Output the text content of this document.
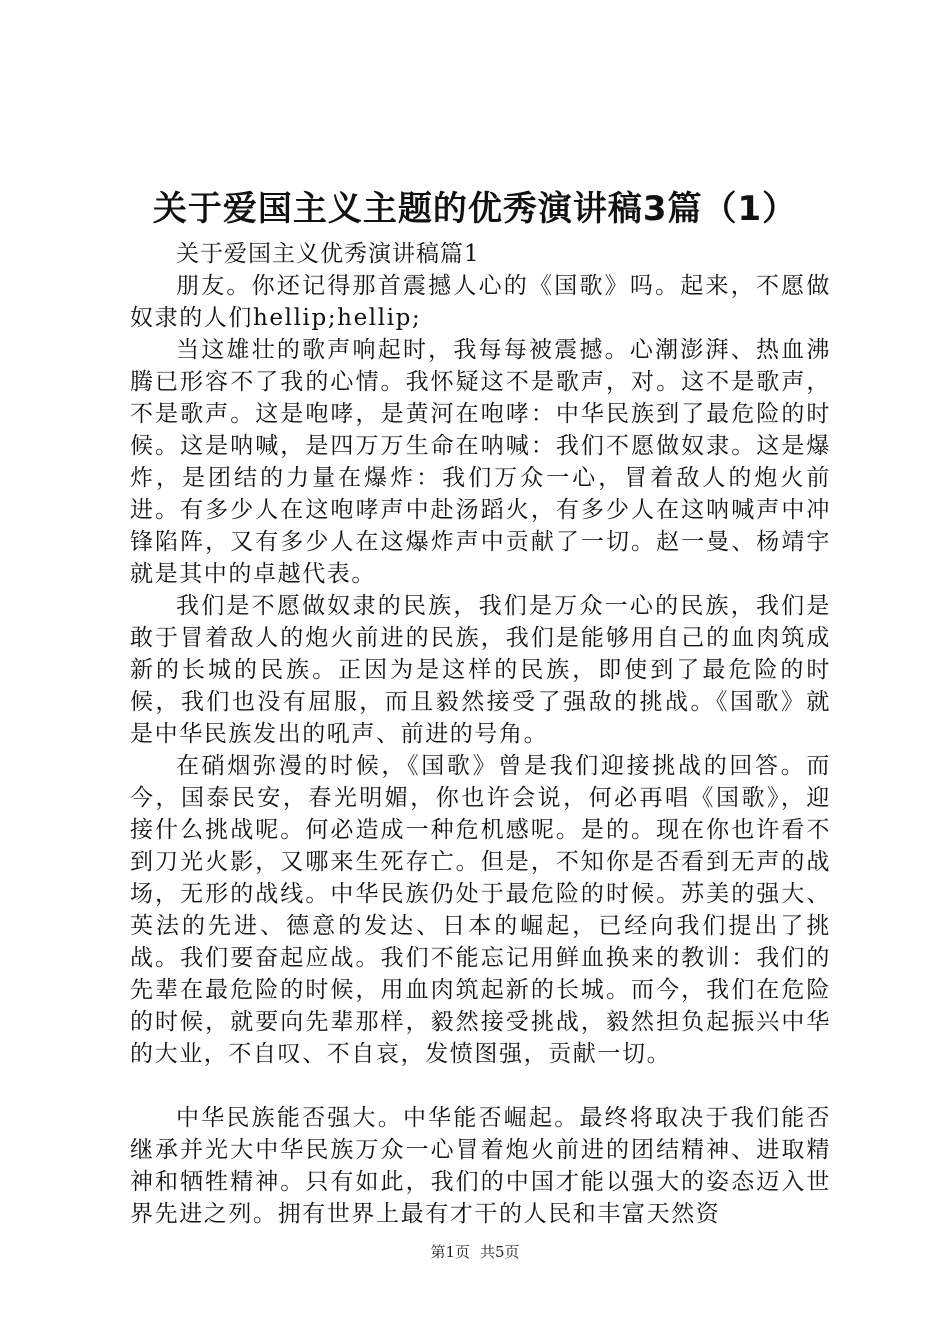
关于爱国主义主题的优秀演讲稿3篇（1）

关于爱国主义优秀演讲稿篇1

朋友。你还记得那首震撼人心的《国歌》吗。起来，不愿做奴隶的人们hellip;hellip;

当这雄壮的歌声响起时，我每每被震撼。心潮澎湃、热血沸腾已形容不了我的心情。我怀疑这不是歌声，对。这不是歌声，不是歌声。这是咆哮，是黄河在咆哮：中华民族到了最危险的时候。这是呐喊，是四万万生命在呐喊：我们不愿做奴隶。这是爆炸，是团结的力量在爆炸：我们万众一心，冒着敌人的炮火前进。有多少人在这咆哮声中赴汤蹈火，有多少人在这呐喊声中冲锋陷阵，又有多少人在这爆炸声中贡献了一切。赵一曼、杨靖宇就是其中的卓越代表。

我们是不愿做奴隶的民族，我们是万众一心的民族，我们是敢于冒着敌人的炮火前进的民族，我们是能够用自己的血肉筑成新的长城的民族。正因为是这样的民族，即使到了最危险的时候，我们也没有屈服，而且毅然接受了强敌的挑战。《国歌》就是中华民族发出的吼声、前进的号角。

在硝烟弥漫的时候，《国歌》曾是我们迎接挑战的回答。而今，国泰民安，春光明媚，你也许会说，何必再唱《国歌》，迎接什么挑战呢。何必造成一种危机感呢。是的。现在你也许看不到刀光火影，又哪来生死存亡。但是，不知你是否看到无声的战场，无形的战线。中华民族仍处于最危险的时候。苏美的强大、英法的先进、德意的发达、日本的崛起，已经向我们提出了挑战。我们要奋起应战。我们不能忘记用鲜血换来的教训：我们的先辈在最危险的时候，用血肉筑起新的长城。而今，我们在危险的时候，就要向先辈那样，毅然接受挑战，毅然担负起振兴中华的大业，不自叹、不自哀，发愤图强，贡献一切。

中华民族能否强大。中华能否崛起。最终将取决于我们能否继承并光大中华民族万众一心冒着炮火前进的团结精神、进取精神和牺牲精神。只有如此，我们的中国才能以强大的姿态迈入世界先进之列。拥有世界上最有才干的人民和丰富天然资

第1页 共5页
